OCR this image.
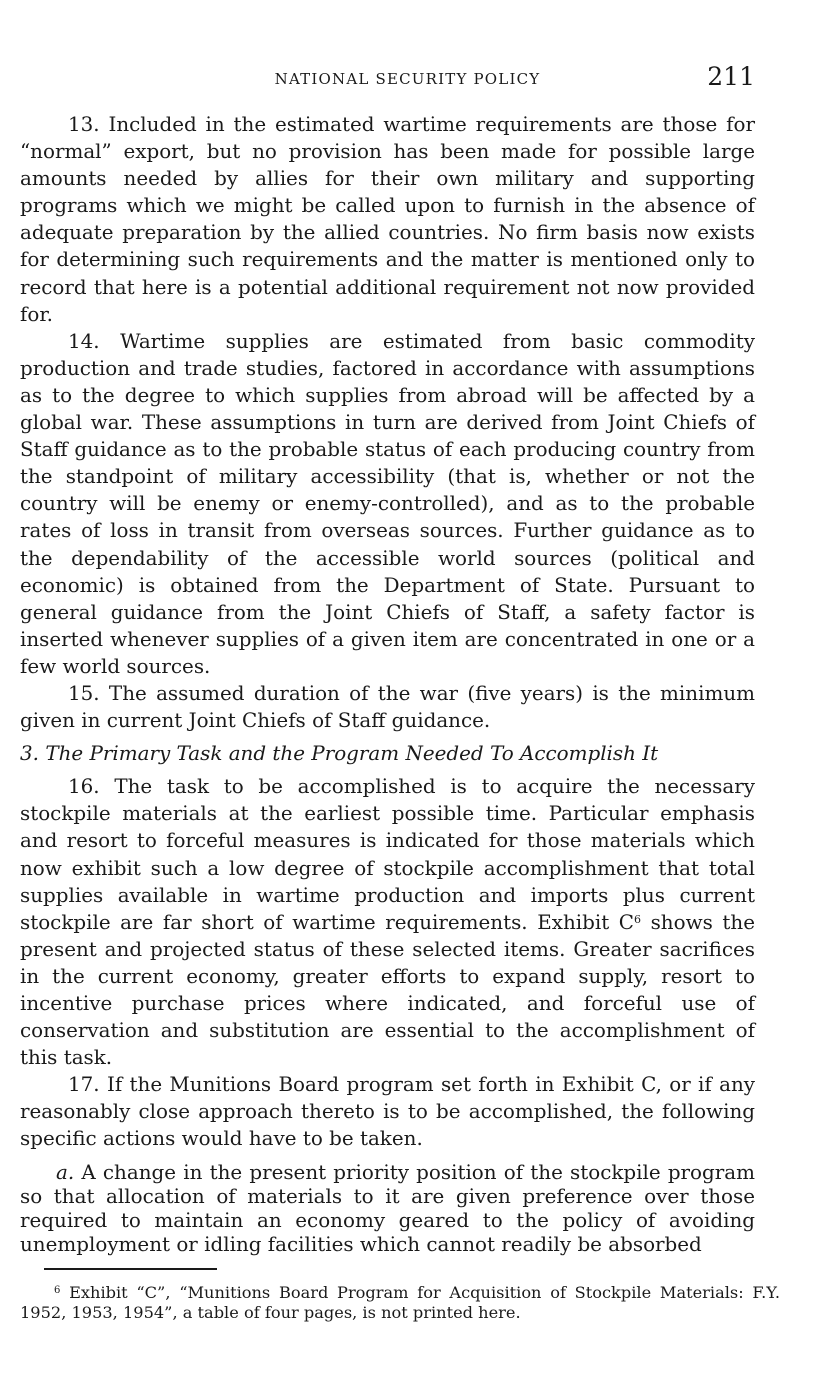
NATIONAL SECURITY POLICY	211

13. Included in the estimated wartime requirements are those for “normal” export, but no provision has been made for possible large amounts needed by allies for their own military and supporting programs which we might be called upon to furnish in the absence of adequate preparation by the allied countries. No firm basis now exists for determining such requirements and the matter is mentioned only to record that here is a potential additional requirement not now provided for.

14. Wartime supplies are estimated from basic commodity production and trade studies, factored in accordance with assumptions as to the degree to which supplies from abroad will be affected by a global war. These assumptions in turn are derived from Joint Chiefs of Staff guidance as to the probable status of each producing country from the standpoint of military accessibility (that is, whether or not the country will be enemy or enemy-controlled), and as to the probable rates of loss in transit from overseas sources. Further guidance as to the dependability of the accessible world sources (political and economic) is obtained from the Department of State. Pursuant to general guidance from the Joint Chiefs of Staff, a safety factor is inserted whenever supplies of a given item are concentrated in one or a few world sources.

15. The assumed duration of the war (five years) is the minimum given in current Joint Chiefs of Staff guidance.

3. The Primary Task and the Program Needed To Accomplish It

16. The task to be accomplished is to acquire the necessary stockpile materials at the earliest possible time. Particular emphasis and resort to forceful measures is indicated for those materials which now exhibit such a low degree of stockpile accomplishment that total supplies available in wartime production and imports plus current stockpile are far short of wartime requirements. Exhibit $C^6$ shows the present and projected status of these selected items. Greater sacrifices in the current economy, greater efforts to expand supply, resort to incentive purchase prices where indicated, and forceful use of conservation and substitution are essential to the accomplishment of this task.

17. If the Munitions Board program set forth in Exhibit C, or if any reasonably close approach thereto is to be accomplished, the following specific actions would have to be taken.

a. A change in the present priority position of the stockpile program so that allocation of materials to it are given preference over those required to maintain an economy geared to the policy of avoiding unemployment or idling facilities which cannot readily be absorbed

$^6$ Exhibit “C”, “Munitions Board Program for Acquisition of Stockpile Materials: F.Y. 1952, 1953, 1954”, a table of four pages, is not printed here.
